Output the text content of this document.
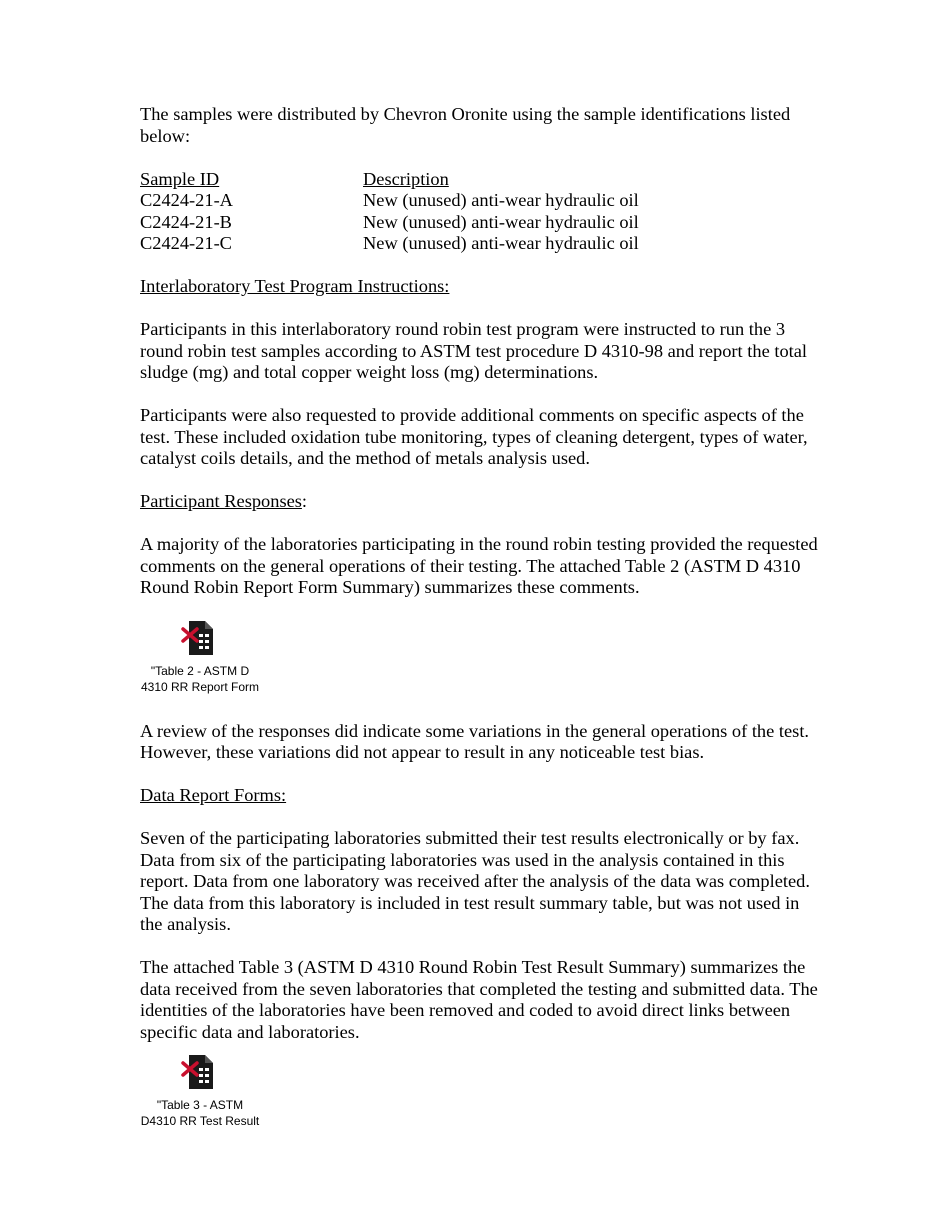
The samples were distributed by Chevron Oronite using the sample identifications listed below:

Sample ID	Description
C2424-21-A	New (unused) anti-wear hydraulic oil
C2424-21-B	New (unused) anti-wear hydraulic oil
C2424-21-C	New (unused) anti-wear hydraulic oil

Interlaboratory Test Program Instructions:

Participants in this interlaboratory round robin test program were instructed to run the 3 round robin test samples according to ASTM test procedure D 4310-98 and report the total sludge (mg) and total copper weight loss (mg) determinations.

Participants were also requested to provide additional comments on specific aspects of the test. These included oxidation tube monitoring, types of cleaning detergent, types of water, catalyst coils details, and the method of metals analysis used.

Participant Responses:

A majority of the laboratories participating in the round robin testing provided the requested comments on the general operations of their testing. The attached Table 2 (ASTM D 4310 Round Robin Report Form Summary) summarizes these comments.

"Table 2 - ASTM D
4310 RR Report Form

A review of the responses did indicate some variations in the general operations of the test. However, these variations did not appear to result in any noticeable test bias.

Data Report Forms:

Seven of the participating laboratories submitted their test results electronically or by fax. Data from six of the participating laboratories was used in the analysis contained in this report. Data from one laboratory was received after the analysis of the data was completed. The data from this laboratory is included in test result summary table, but was not used in the analysis.

The attached Table 3 (ASTM D 4310 Round Robin Test Result Summary) summarizes the data received from the seven laboratories that completed the testing and submitted data. The identities of the laboratories have been removed and coded to avoid direct links between specific data and laboratories.

"Table 3 - ASTM
D4310 RR Test Result
